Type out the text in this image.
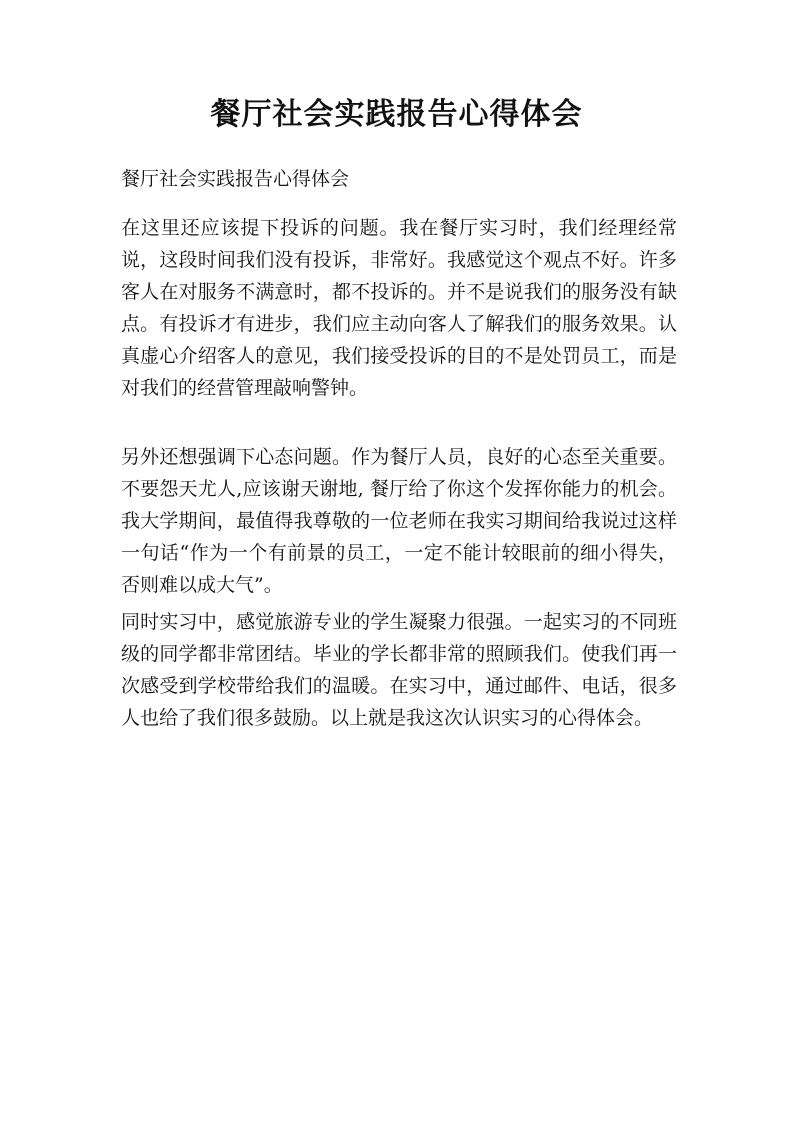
餐厅社会实践报告心得体会

餐厅社会实践报告心得体会

在这里还应该提下投诉的问题。我在餐厅实习时，我们经理经常说，这段时间我们没有投诉，非常好。我感觉这个观点不好。许多客人在对服务不满意时，都不投诉的。并不是说我们的服务没有缺点。有投诉才有进步，我们应主动向客人了解我们的服务效果。认真虚心介绍客人的意见，我们接受投诉的目的不是处罚员工，而是对我们的经营管理敲响警钟。

另外还想强调下心态问题。作为餐厅人员，良好的心态至关重要。不要怨天尤人,应该谢天谢地, 餐厅给了你这个发挥你能力的机会。我大学期间，最值得我尊敬的一位老师在我实习期间给我说过这样一句话“作为一个有前景的员工，一定不能计较眼前的细小得失，否则难以成大气”。

同时实习中，感觉旅游专业的学生凝聚力很强。一起实习的不同班级的同学都非常团结。毕业的学长都非常的照顾我们。使我们再一次感受到学校带给我们的温暖。在实习中，通过邮件、电话，很多人也给了我们很多鼓励。以上就是我这次认识实习的心得体会。
